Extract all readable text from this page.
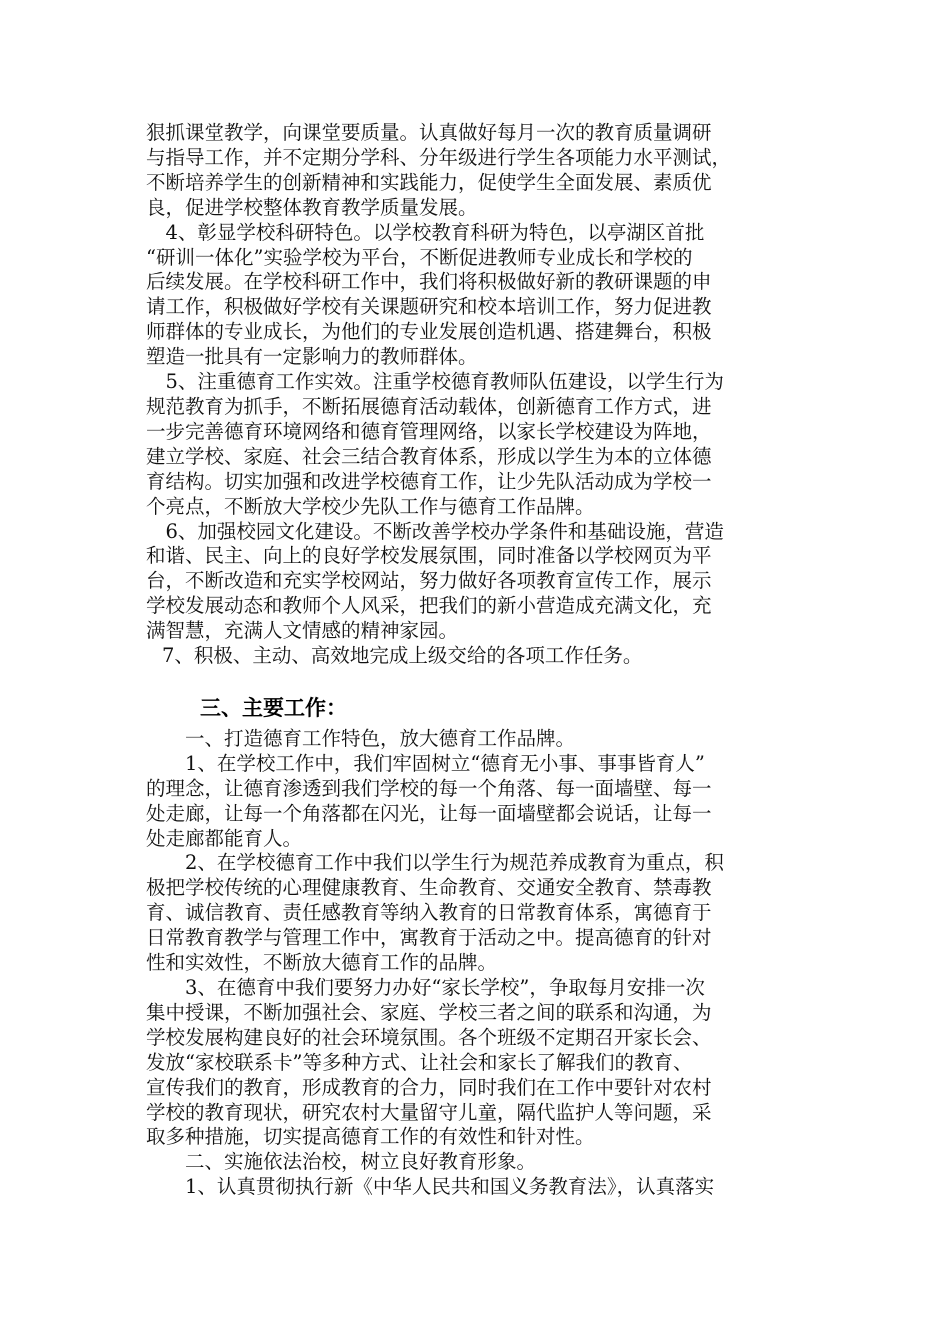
狠抓课堂教学，向课堂要质量。认真做好每月一次的教育质量调研
与指导工作，并不定期分学科、分年级进行学生各项能力水平测试，
不断培养学生的创新精神和实践能力，促使学生全面发展、素质优
良，促进学校整体教育教学质量发展。

　4、彰显学校科研特色。以学校教育科研为特色，以亭湖区首批
“研训一体化”实验学校为平台，不断促进教师专业成长和学校的
后续发展。在学校科研工作中，我们将积极做好新的教研课题的申
请工作，积极做好学校有关课题研究和校本培训工作，努力促进教
师群体的专业成长，为他们的专业发展创造机遇、搭建舞台，积极
塑造一批具有一定影响力的教师群体。

　5、注重德育工作实效。注重学校德育教师队伍建设，以学生行为
规范教育为抓手，不断拓展德育活动载体，创新德育工作方式，进
一步完善德育环境网络和德育管理网络，以家长学校建设为阵地，
建立学校、家庭、社会三结合教育体系，形成以学生为本的立体德
育结构。切实加强和改进学校德育工作，让少先队活动成为学校一
个亮点，不断放大学校少先队工作与德育工作品牌。

　6、加强校园文化建设。不断改善学校办学条件和基础设施，营造
和谐、民主、向上的良好学校发展氛围，同时准备以学校网页为平
台，不断改造和充实学校网站，努力做好各项教育宣传工作，展示
学校发展动态和教师个人风采，把我们的新小营造成充满文化，充
满智慧，充满人文情感的精神家园。

7、积极、主动、高效地完成上级交给的各项工作任务。

三、主要工作：

　　一、打造德育工作特色，放大德育工作品牌。

　　1、在学校工作中，我们牢固树立“德育无小事、事事皆育人”
的理念，让德育渗透到我们学校的每一个角落、每一面墙壁、每一
处走廊，让每一个角落都在闪光，让每一面墙壁都会说话，让每一
处走廊都能育人。

　　2、在学校德育工作中我们以学生行为规范养成教育为重点，积
极把学校传统的心理健康教育、生命教育、交通安全教育、禁毒教
育、诚信教育、责任感教育等纳入教育的日常教育体系，寓德育于
日常教育教学与管理工作中，寓教育于活动之中。提高德育的针对
性和实效性，不断放大德育工作的品牌。

　　3、在德育中我们要努力办好“家长学校”，争取每月安排一次
集中授课，不断加强社会、家庭、学校三者之间的联系和沟通，为
学校发展构建良好的社会环境氛围。各个班级不定期召开家长会、
发放“家校联系卡”等多种方式、让社会和家长了解我们的教育、
宣传我们的教育，形成教育的合力，同时我们在工作中要针对农村
学校的教育现状，研究农村大量留守儿童，隔代监护人等问题，采
取多种措施，切实提高德育工作的有效性和针对性。

　　二、实施依法治校，树立良好教育形象。

　　1、认真贯彻执行新《中华人民共和国义务教育法》，认真落实
